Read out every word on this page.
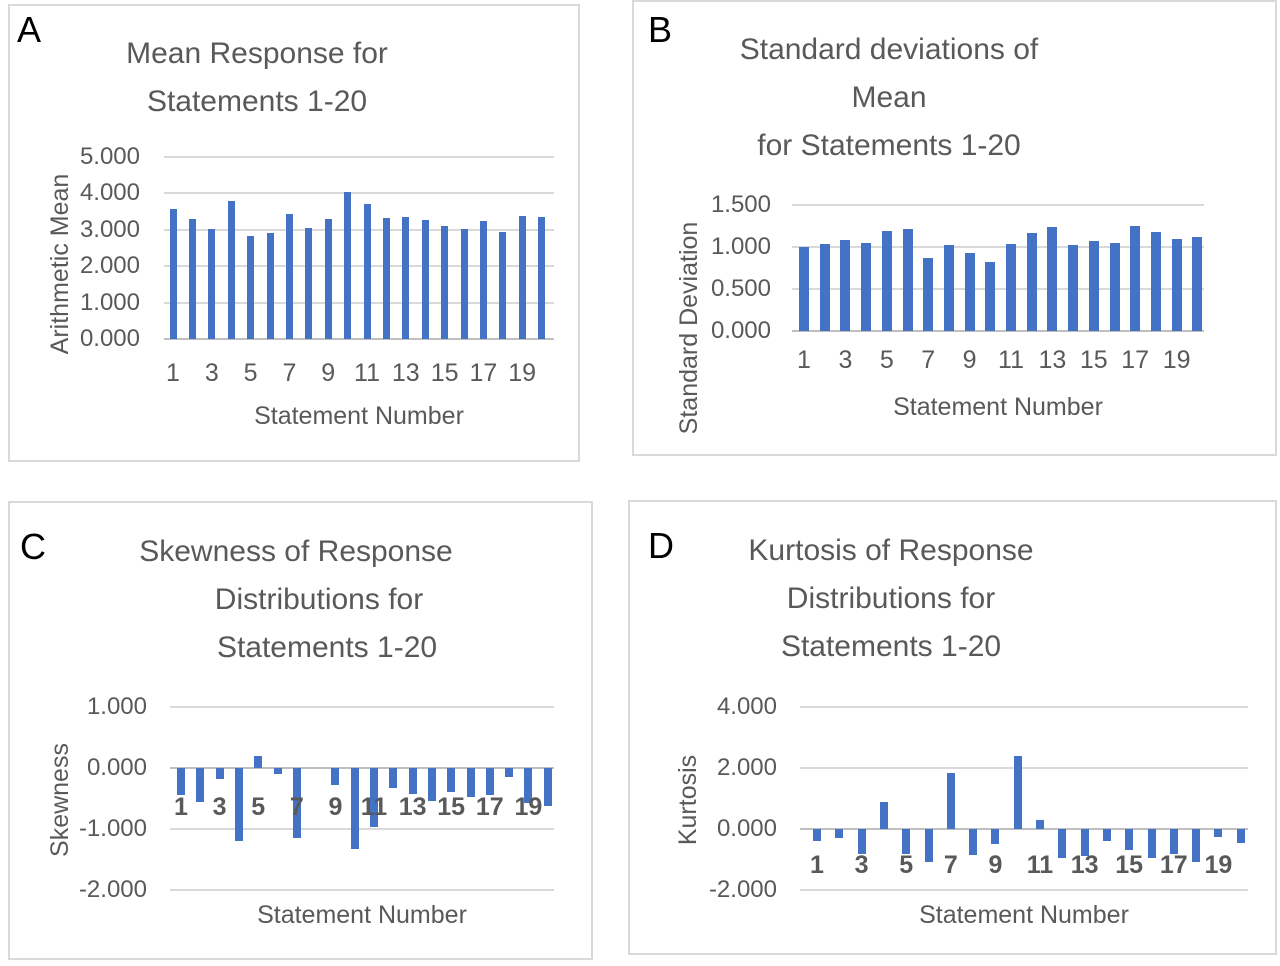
A
Arithmetic Mean
Statement Number
Mean Response for
Statements 1-20
5.000
4.000
3.000
2.000
1.000
0.000
1 3 5 7 9 11 13 15 17 19
B
Standard Deviation	Statement Number
Standard deviations of
Mean
for Statements 1-20
1.500
1.000
0.500
0.000
1	3	5	7	9 11 13 15 17 19
C
Skewness
Statement Number
Skewness of Response
Distributions for
Statements 1-20
1.000
0.000
-1.000
-2.000
1 3 5 7 9 11 13 15 17 19
D
Kurtosis
Statement Number
Kurtosis of Response
Distributions for
Statements 1-20
4.000
2.000
0.000
-2.000
1	3	5	7	9 11 13 15 17 19
